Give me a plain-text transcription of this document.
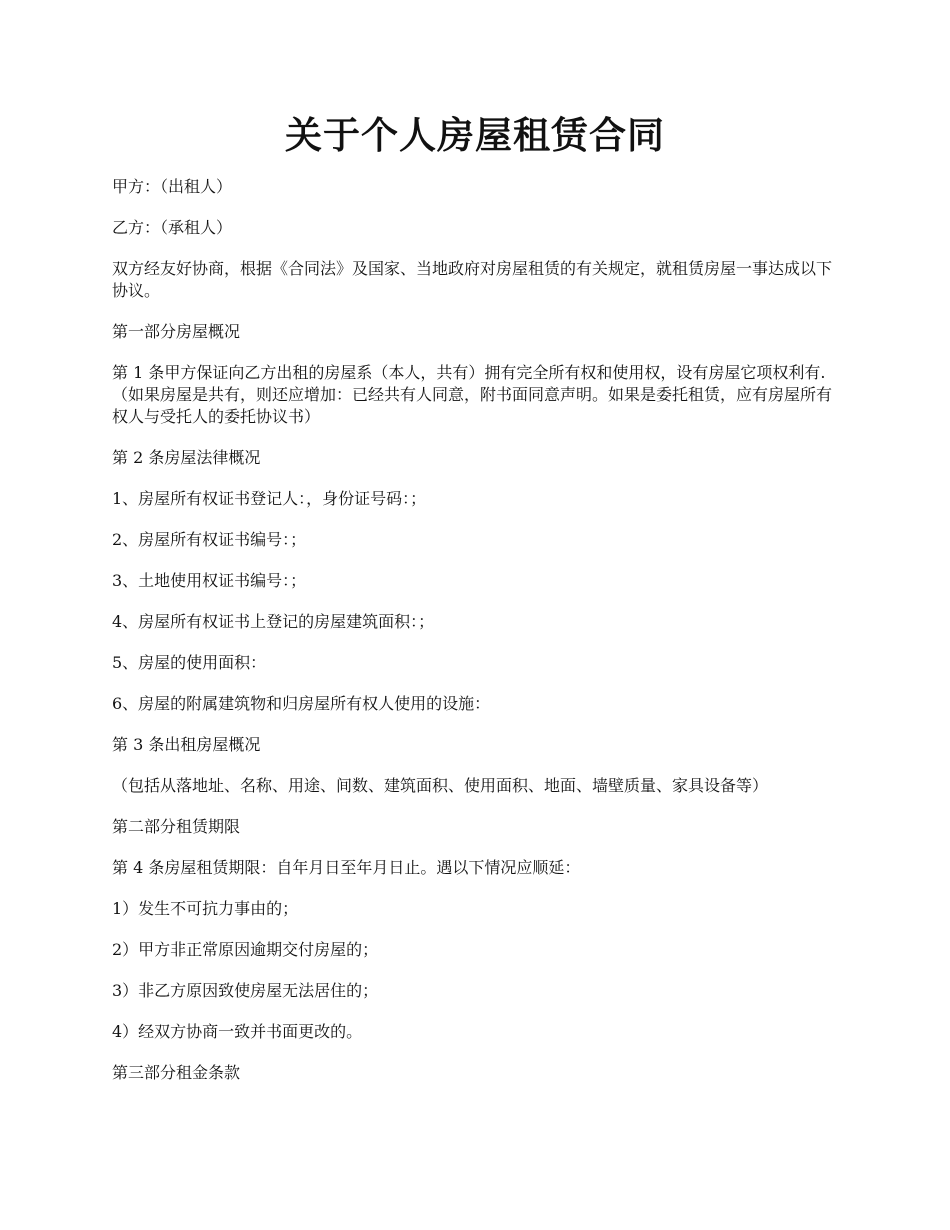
关于个人房屋租赁合同

甲方：（出租人）

乙方：（承租人）

双方经友好协商，根据《合同法》及国家、当地政府对房屋租赁的有关规定，就租赁房屋一事达成以下协议。

第一部分房屋概况

第 1 条甲方保证向乙方出租的房屋系（本人，共有）拥有完全所有权和使用权，设有房屋它项权利有.（如果房屋是共有，则还应增加：已经共有人同意，附书面同意声明。如果是委托租赁，应有房屋所有权人与受托人的委托协议书）

第 2 条房屋法律概况

1、房屋所有权证书登记人：，身份证号码：；

2、房屋所有权证书编号：；

3、土地使用权证书编号：；

4、房屋所有权证书上登记的房屋建筑面积：；

5、房屋的使用面积：

6、房屋的附属建筑物和归房屋所有权人使用的设施：

第 3 条出租房屋概况

（包括从落地址、名称、用途、间数、建筑面积、使用面积、地面、墙壁质量、家具设备等）

第二部分租赁期限

第 4 条房屋租赁期限：自年月日至年月日止。遇以下情况应顺延：

1）发生不可抗力事由的；

2）甲方非正常原因逾期交付房屋的；

3）非乙方原因致使房屋无法居住的；

4）经双方协商一致并书面更改的。

第三部分租金条款
